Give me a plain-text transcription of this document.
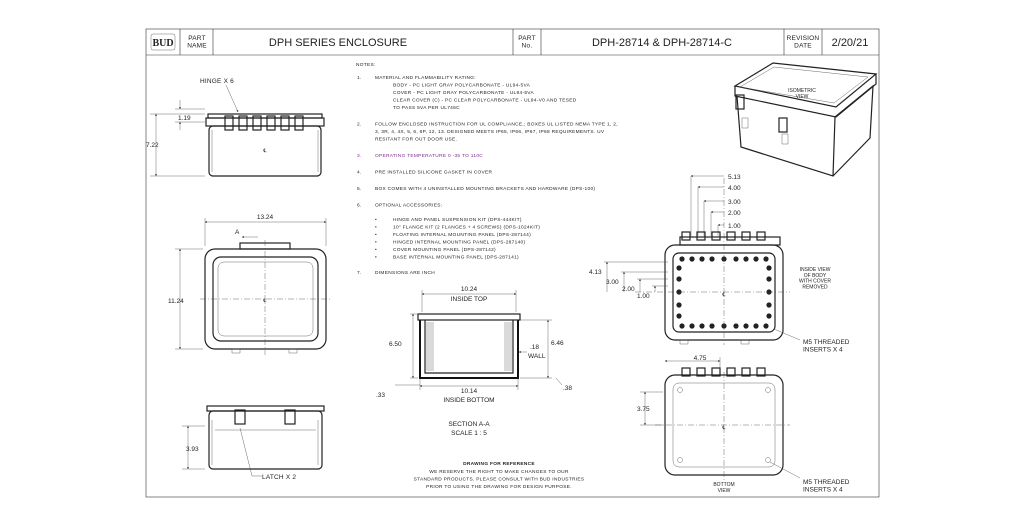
BUD PART NAME	DPH SERIES ENCLOSURE	PART No.	DPH-28714 & DPH-28714-C	REVISION DATE	2/20/21
NOTES:
1.	MATERIAL AND FLAMMABILITY RATING:
BODY - PC LIGHT GRAY POLYCARBONATE - UL94-5VA
COVER - PC LIGHT GRAY POLYCARBONATE - UL94-5VA
CLEAR COVER (C) - PC CLEAR POLYCARBONATE - UL94-V0 AND TESED
TO PASS 5VA PER UL746C
2.	FOLLOW ENCLOSED INSTRUCTION FOR UL COMPLIANCE.; BOXES UL LISTED NEMA TYPE 1, 2,
3, 3R, 4, 4X, 5, 6, 6P, 12, 13. DESIGNED MEETS IP65, IP66, IP67, IP68 REQUIREMENTS. UV
RESITANT FOR OUT DOOR USE.
3.	OPERATING TEMPERATURE 0 -35 TO 110C
4.	PRE INSTALLED SILICONE GASKET IN COVER
5.	BOX COMES WITH 4 UNINSTALLED MOUNTING BRACKETS AND HARDWARE (DPS-100)
6.	OPTIONAL ACCESSORIES:
•	HINGE AND PANEL SUSPENSION KIT (DPS-444KIT)
•	10" FLANGE KIT (2 FLANGES + 4 SCREWS) (DPS-1024KIT)
•	FLOATING INTERNAL MOUNTING PANEL (DPS-287144)
•	HINGED INTERNAL MOUNTING PANEL (DPS-287140)
•	COVER MOUNTING PANEL (DPS-287142)
•	BASE INTERNAL MOUNTING PANEL (DPS-287141)
7.	DIMENSIONS ARE INCH
℄
HINGE X 6
1.19
7.22
13.24
A
℄
11.24
3.93
LATCH X 2
10.24
INSIDE TOP
6.50	6.46
.18
WALL
10.14
INSIDE BOTTOM
.33
.38
SECTION A-A
SCALE 1 : 5
DRAWING FOR REFERENCE
WE RESERVE THE RIGHT TO MAKE CHANGES TO OUR
STANDARD PRODUCTS. PLEASE CONSULT WITH BUD INDUSTRIES
PRIOR TO USING THE DRAWING FOR DESIGN PURPOSE.
ISOMETRIC VIEW
5.13
4.00
3.00
2.00
1.00
℄
4.13
3.00
2.00
1.00
INSIDE VIEW OF BODY WITH COVER REMOVED
M5 THREADED INSERTS X 4
4.75
℄
3.75
BOTTOM VIEW
M5 THREADED INSERTS X 4
